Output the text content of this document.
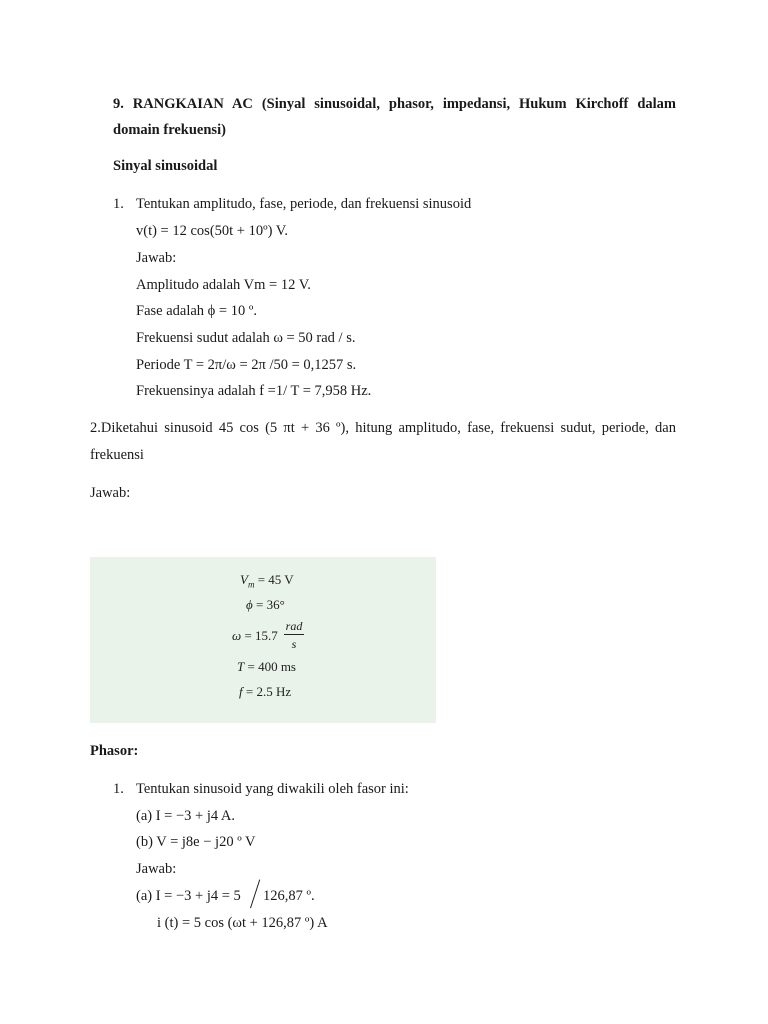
9. RANGKAIAN AC (Sinyal sinusoidal, phasor, impedansi, Hukum Kirchoff dalam
domain frekuensi)
Sinyal sinusoidal
1. Tentukan amplitudo, fase, periode, dan frekuensi sinusoid
v(t) = 12 cos(50t + 10º) V.
Jawab:
Amplitudo adalah Vm = 12 V.
Fase adalah ϕ = 10 º.
Frekuensi sudut adalah ω = 50 rad / s.
Periode T = 2π/ω = 2π /50 = 0,1257 s.
Frekuensinya adalah f =1/ T = 7,958 Hz.
2.Diketahui sinusoid 45 cos (5 πt + 36 º), hitung amplitudo, fase, frekuensi sudut, periode, dan
frekuensi
Jawab:
$V_m = 45$ V
ϕ = 36°
ω = 15.7
rad
s
T = 400 ms
f = 2.5 Hz
Phasor:
1. Tentukan sinusoid yang diwakili oleh fasor ini:
(a) I = −3 + j4 A.
(b) V = j8e − j20 º V
Jawab:
(a) I = −3 + j4 = 5 126,87 º.
i (t) = 5 cos (ωt + 126,87 º) A
